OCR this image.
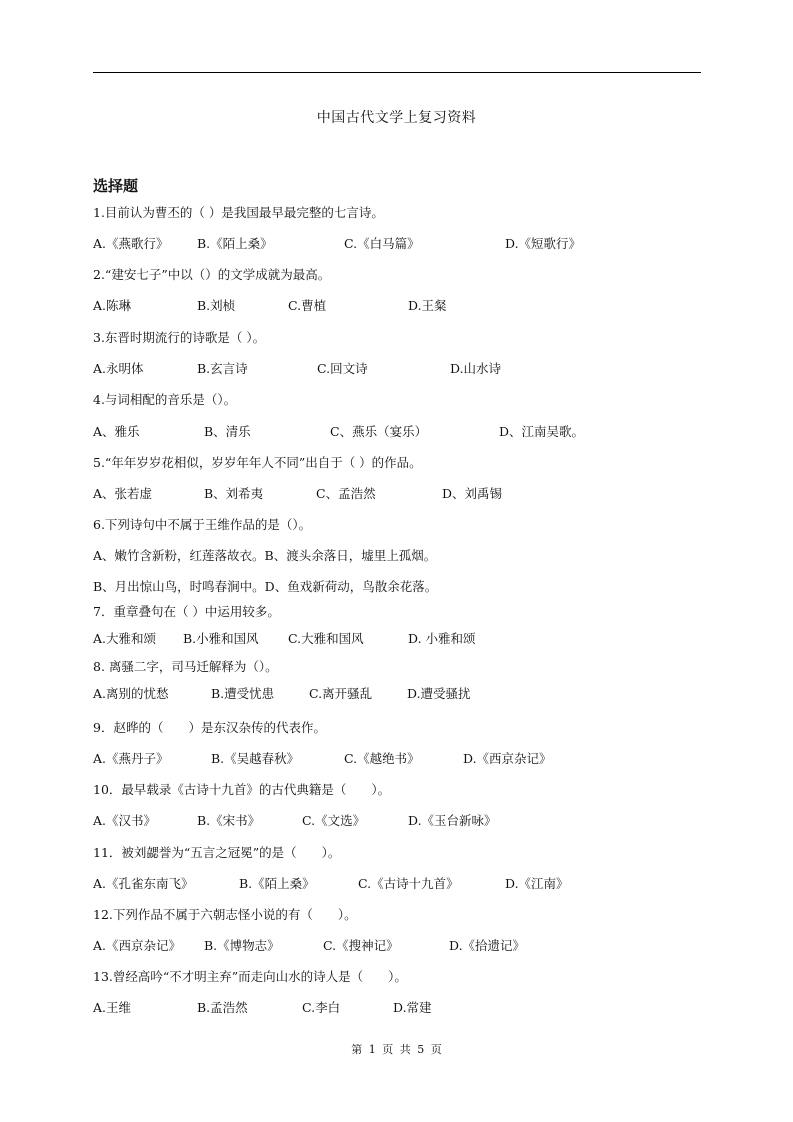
中国古代文学上复习资料
选择题
1.目前认为曹丕的（ ）是我国最早最完整的七言诗。
A.《燕歌行》 B.《陌上桑》	C.《白马篇》	D.《短歌行》
2.“建安七子”中以（）的文学成就为最高。
A.陈琳	B.刘桢	C.曹植	D.王粲
3.东晋时期流行的诗歌是（ ）。
A.永明体	B.玄言诗	C.回文诗	D.山水诗
4.与词相配的音乐是（）。
A、雅乐	B、清乐	C、燕乐（宴乐）	D、江南吴歌。
5.“年年岁岁花相似，岁岁年年人不同”出自于（ ）的作品。
A、张若虚	B、刘希夷	C、孟浩然	D、刘禹锡
6.下列诗句中不属于王维作品的是（）。
A、嫩竹含新粉，红莲落故衣。B、渡头余落日，墟里上孤烟。
B、月出惊山鸟，时鸣春涧中。D、鱼戏新荷动，鸟散余花落。
7．重章叠句在（ ）中运用较多。
A.大雅和颂 B.小雅和国风 C.大雅和国风	D. 小雅和颂
8. 离骚二字，司马迁解释为（）。
A.离别的忧愁	B.遭受忧患	C.离开骚乱	D.遭受骚扰
9．赵晔的（　　）是东汉杂传的代表作。
A.《燕丹子》	B.《吴越春秋》	C.《越绝书》	D.《西京杂记》
10．最早载录《古诗十九首》的古代典籍是（　　）。
A.《汉书》	B.《宋书》	C.《文选》	D.《玉台新咏》
11．被刘勰誉为“五言之冠冕”的是（　　）。
A.《孔雀东南飞》	B.《陌上桑》	C.《古诗十九首》	D.《江南》
12.下列作品不属于六朝志怪小说的有（　　）。
A.《西京杂记》 B.《博物志》	C.《搜神记》	D.《拾遗记》
13.曾经高吟“不才明主弃”而走向山水的诗人是（　　）。
A.王维	B.孟浩然	C.李白	D.常建
第 1 页 共 5 页
